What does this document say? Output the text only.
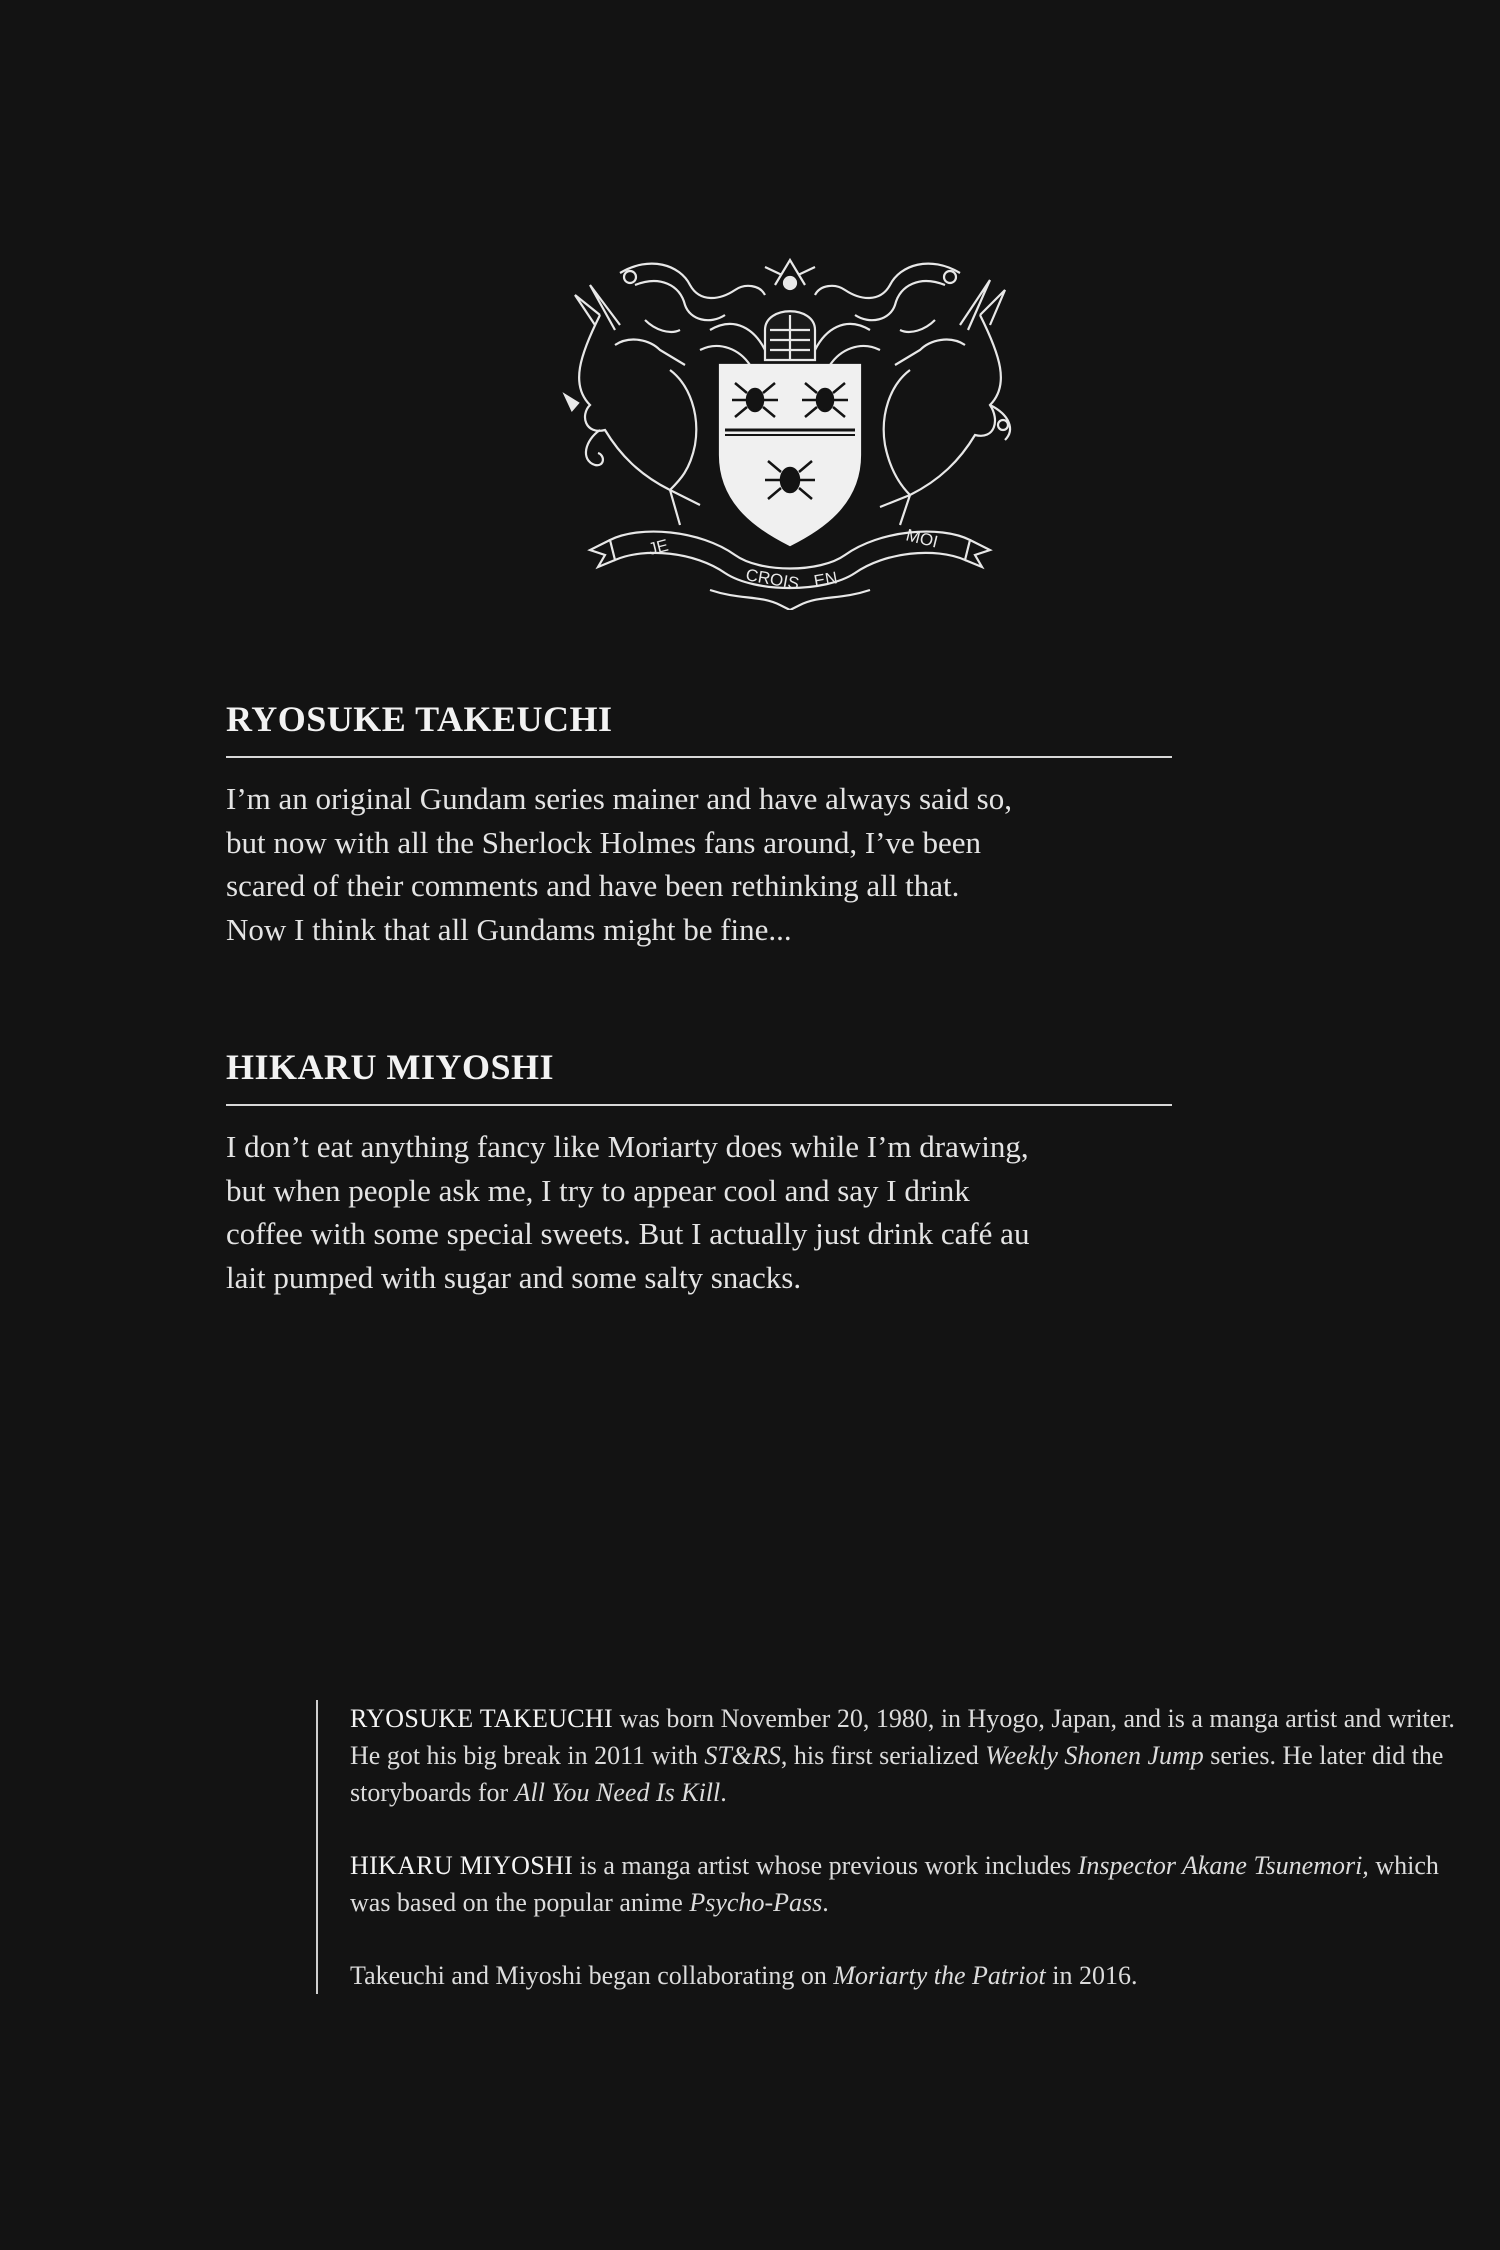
JE
CROIS EN
MOI
RYOSUKE TAKEUCHI

I’m an original Gundam series mainer and have always said so,
but now with all the Sherlock Holmes fans around, I’ve been
scared of their comments and have been rethinking all that.
Now I think that all Gundams might be fine...

HIKARU MIYOSHI

I don’t eat anything fancy like Moriarty does while I’m drawing,
but when people ask me, I try to appear cool and say I drink
coffee with some special sweets. But I actually just drink café au
lait pumped with sugar and some salty snacks.

RYOSUKE TAKEUCHI was born November 20, 1980, in Hyogo, Japan, and is a manga artist and writer. He got his big break in 2011 with ST&RS, his first serialized Weekly Shonen Jump series. He later did the storyboards for All You Need Is Kill.

HIKARU MIYOSHI is a manga artist whose previous work includes Inspector Akane Tsunemori, which was based on the popular anime Psycho-Pass.

Takeuchi and Miyoshi began collaborating on Moriarty the Patriot in 2016.
